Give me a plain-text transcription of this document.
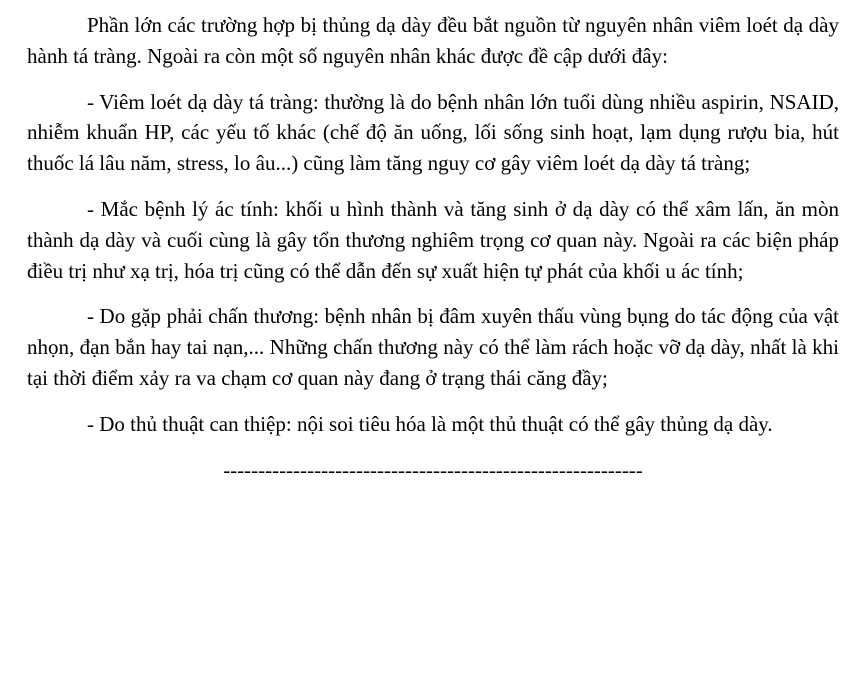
Phần lớn các trường hợp bị thủng dạ dày đều bắt nguồn từ nguyên nhân viêm loét dạ dày hành tá tràng. Ngoài ra còn một số nguyên nhân khác được đề cập dưới đây:

- Viêm loét dạ dày tá tràng: thường là do bệnh nhân lớn tuổi dùng nhiều aspirin, NSAID, nhiễm khuẩn HP, các yếu tố khác (chế độ ăn uống, lối sống sinh hoạt, lạm dụng rượu bia, hút thuốc lá lâu năm, stress, lo âu...) cũng làm tăng nguy cơ gây viêm loét dạ dày tá tràng;

- Mắc bệnh lý ác tính: khối u hình thành và tăng sinh ở dạ dày có thể xâm lấn, ăn mòn thành dạ dày và cuối cùng là gây tổn thương nghiêm trọng cơ quan này. Ngoài ra các biện pháp điều trị như xạ trị, hóa trị cũng có thể dẫn đến sự xuất hiện tự phát của khối u ác tính;

- Do gặp phải chấn thương: bệnh nhân bị đâm xuyên thấu vùng bụng do tác động của vật nhọn, đạn bắn hay tai nạn,... Những chấn thương này có thể làm rách hoặc vỡ dạ dày, nhất là khi tại thời điểm xảy ra va chạm cơ quan này đang ở trạng thái căng đầy;

- Do thủ thuật can thiệp: nội soi tiêu hóa là một thủ thuật có thể gây thủng dạ dày.

------------------------------------------------------------
